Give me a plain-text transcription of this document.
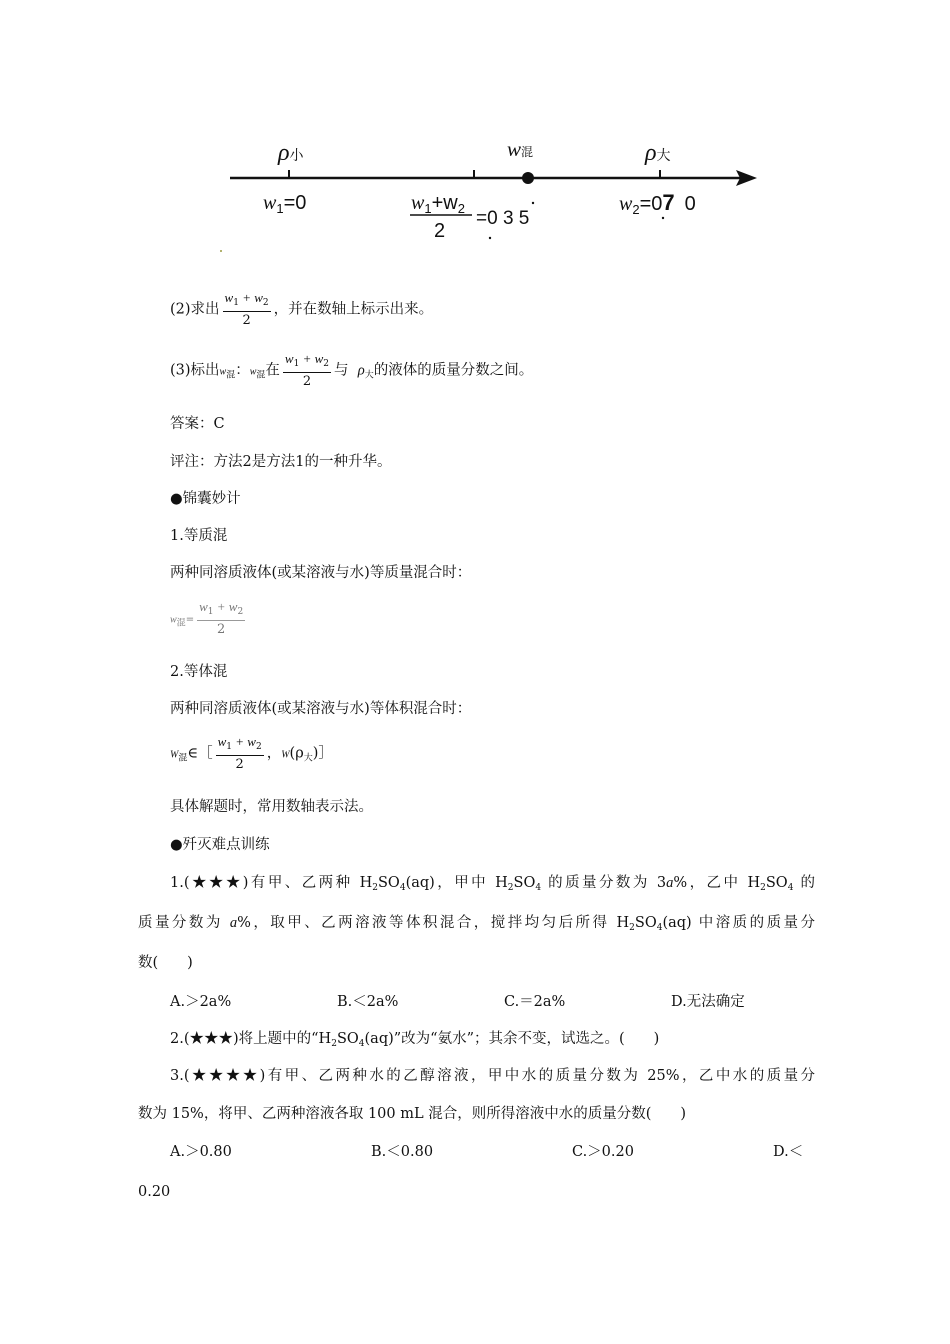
ρ小	w混	ρ大
$w_1=0$	$w_1+w_2$
2
=0 3 5
$w_2=07$ 0
(2)求出 $\frac{w_1 + w_2}{2}$ ，并在数轴上标示出来。
(3)标出$w_混$：$w_混$在 $\frac{w_1 + w_2}{2}$ 与 $\rho_大$的液体的质量分数之间。
答案：C
评注：方法2是方法1的一种升华。
●锦囊妙计
1.等质混
两种同溶质液体(或某溶液与水)等质量混合时：
$w_混= \frac{w_1 + w_2}{2}$
2.等体混
两种同溶质液体(或某溶液与水)等体积混合时：
$W_混\in[ \frac{w_1 + w_2}{2}$ ，$W(\rho_大)]$
具体解题时，常用数轴表示法。
●歼灭难点训练
1.(★★★)有甲、乙两种 $H_2SO_4(aq)$，甲中 $H_2SO_4$ 的质量分数为 3a%，乙中 $H_2SO_4$ 的
质量分数为 a%，取甲、乙两溶液等体积混合，搅拌均匀后所得 $H_2SO_4(aq)$ 中溶质的质量分
数(　　)
A.＞2a%	B.＜2a%	C.＝2a%	D.无法确定
2.(★★★)将上题中的“$H_2SO_4(aq)$”改为“氨水”；其余不变，试选之。(　　)
3.(★★★★)有甲、乙两种水的乙醇溶液，甲中水的质量分数为 25%，乙中水的质量分
数为 15%，将甲、乙两种溶液各取 100 mL 混合，则所得溶液中水的质量分数(　　)
A.＞0.80	B.＜0.80	C.＞0.20	D.＜
0.20
